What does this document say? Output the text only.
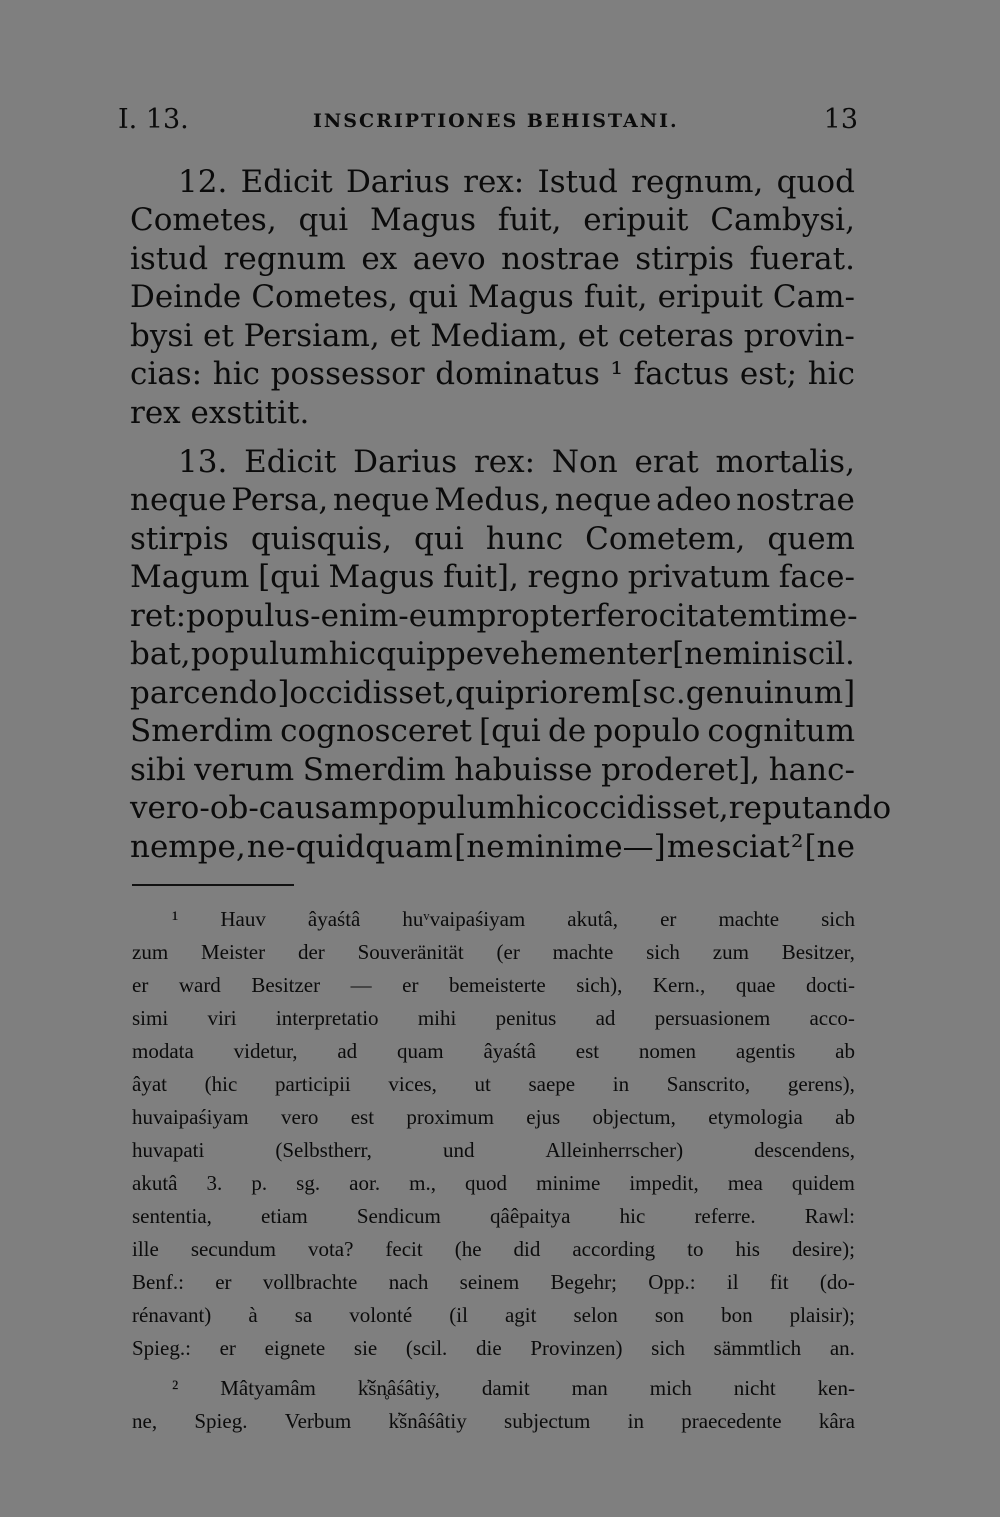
I. 13.	INSCRIPTIONES BEHISTANI.	13
12. Edicit Darius rex: Istud regnum, quod
Cometes, qui Magus fuit, eripuit Cambysi,
istud regnum ex aevo nostrae stirpis fuerat.
Deinde Cometes, qui Magus fuit, eripuit Cam-
bysi et Persiam, et Mediam, et ceteras provin-
cias: hic possessor dominatus ¹ factus est; hic
rex exstitit.
13. Edicit Darius rex: Non erat mortalis,
neque Persa, neque Medus, neque adeo nostrae
stirpis quisquis, qui hunc Cometem, quem
Magum [qui Magus fuit], regno privatum face-
ret: populus-enim-eum propter ferocitatem time-
bat, populum hic quippe vehementer [nemini scil.
parcendo] occidisset, qui priorem [sc. genuinum]
Smerdim cognosceret [qui de populo cognitum
sibi verum Smerdim habuisse proderet], hanc-
vero-ob-causam populum hic occidisset, reputando
nempe, ne-quidquam [ne minime—] me sciat ² [ne
¹ Hauv âyaśtâ huᵛvaipaśiyam akutâ, er machte sich
zum Meister der Souveränität (er machte sich zum Besitzer,
er ward Besitzer — er bemeisterte sich), Kern., quae docti-
simi viri interpretatio mihi penitus ad persuasionem acco-
modata videtur, ad quam âyaśtâ est nomen agentis ab
âyat (hic participii vices, ut saepe in Sanscrito, gerens),
huvaipaśiyam vero est proximum ejus objectum, etymologia ab
huvapati	(Selbstherr,	und	Alleinherrscher)	descendens,
akutâ 3. p. sg. aor. m., quod minime impedit, mea quidem
sententia, etiam Sendicum qâêpaitya hic referre. Rawl:
ille secundum vota? fecit (he did according to his desire);
Benf.: er vollbrachte nach seinem Begehr; Opp.: il fit (do-
rénavant) à sa volonté (il agit selon son bon plaisir);
Spieg.: er eignete sie (scil. die Provinzen) sich sämmtlich an.
² Mâtyamâm k̓šn̥âśâtiy, damit man mich nicht ken-
ne, Spieg. Verbum k̓šnâśâtiy subjectum in praecedente kâra
